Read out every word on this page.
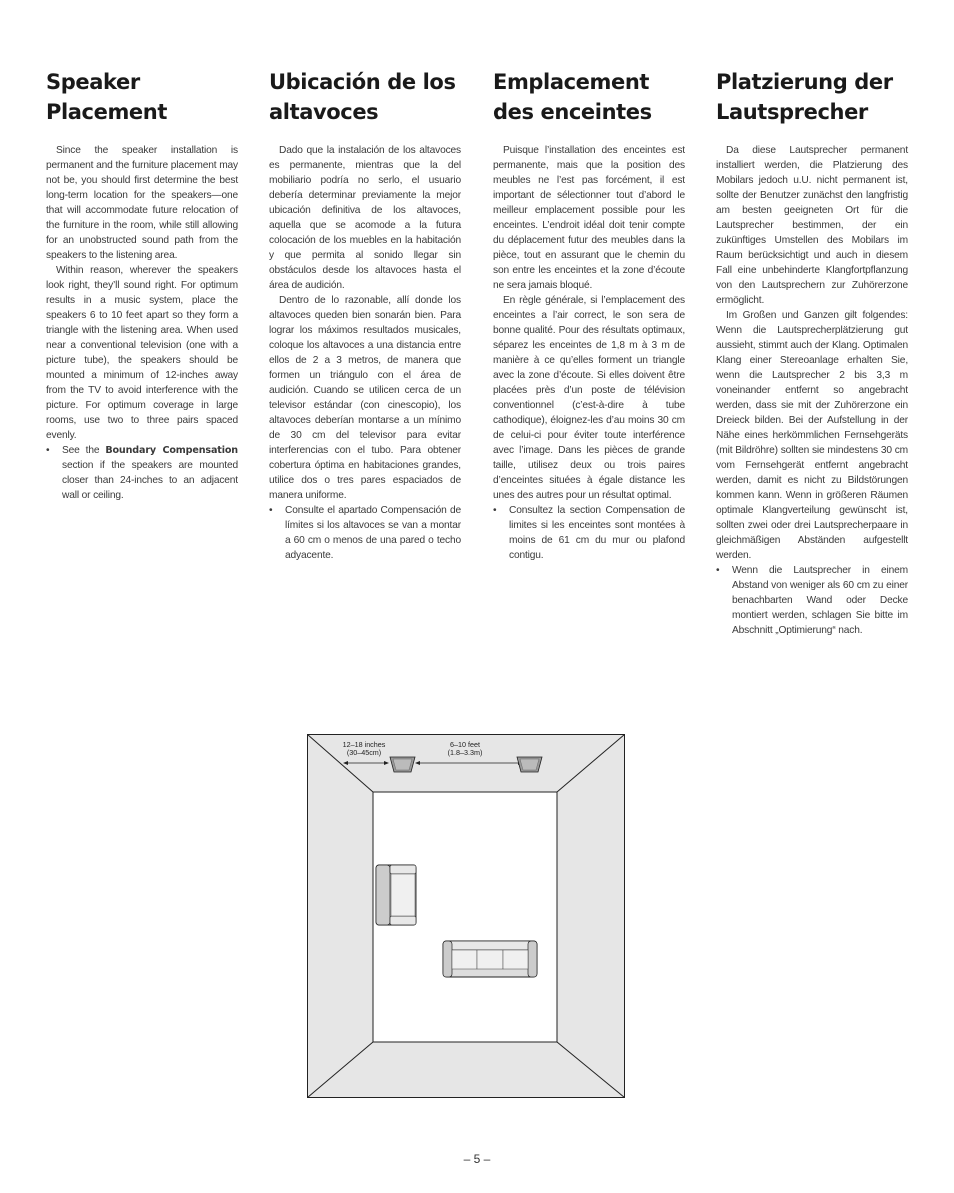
Speaker Placement

Since the speaker installation is permanent and the furniture placement may not be, you should first determine the best long-term location for the speakers—one that will accommodate future relocation of the furniture in the room, while still allowing for an unobstructed sound path from the speakers to the listening area.

Within reason, wherever the speakers look right, they’ll sound right. For optimum results in a music system, place the speakers 6 to 10 feet apart so they form a triangle with the listening area. When used near a conventional television (one with a picture tube), the speakers should be mounted a minimum of 12-inches away from the TV to avoid interference with the picture. For optimum coverage in large rooms, use two to three pairs spaced evenly.

• See the Boundary Compensation section if the speakers are mounted closer than 24-inches to an adjacent wall or ceiling.
Ubicación de los altavoces

Dado que la instalación de los altavoces es permanente, mientras que la del mobiliario podría no serlo, el usuario debería determinar previamente la mejor ubicación definitiva de los altavoces, aquella que se acomode a la futura colocación de los muebles en la habitación y que permita al sonido llegar sin obstáculos desde los altavoces hasta el área de audición.

Dentro de lo razonable, allí donde los altavoces queden bien sonarán bien. Para lograr los máximos resultados musicales, coloque los altavoces a una distancia entre ellos de 2 a 3 metros, de manera que formen un triángulo con el área de audición. Cuando se utilicen cerca de un televisor estándar (con cinescopio), los altavoces deberían montarse a un mínimo de 30 cm del televisor para evitar interferencias con el tubo. Para obtener cobertura óptima en habitaciones grandes, utilice dos o tres pares espaciados de manera uniforme.

• Consulte el apartado Compensación de límites si los altavoces se van a montar a 60 cm o menos de una pared o techo adyacente.
Emplacement des enceintes

Puisque l’installation des enceintes est permanente, mais que la position des meubles ne l’est pas forcément, il est important de sélectionner tout d’abord le meilleur emplacement possible pour les enceintes. L’endroit idéal doit tenir compte du déplacement futur des meubles dans la pièce, tout en assurant que le chemin du son entre les enceintes et la zone d’écoute ne sera jamais bloqué.

En règle générale, si l’emplacement des enceintes a l’air correct, le son sera de bonne qualité. Pour des résultats optimaux, séparez les enceintes de 1,8 m à 3 m de manière à ce qu’elles forment un triangle avec la zone d’écoute. Si elles doivent être placées près d’un poste de télévision conventionnel (c’est-à-dire à tube cathodique), éloignez-les d’au moins 30 cm de celui-ci pour éviter toute interférence avec l’image. Dans les pièces de grande taille, utilisez deux ou trois paires d’enceintes situées à égale distance les unes des autres pour un résultat optimal.

• Consultez la section Compensation de limites si les enceintes sont montées à moins de 61 cm du mur ou plafond contigu.
Platzierung der Lautsprecher

Da diese Lautsprecher permanent installiert werden, die Platzierung des Mobilars jedoch u.U. nicht permanent ist, sollte der Benutzer zunächst den langfristig am besten geeigneten Ort für die Lautsprecher bestimmen, der ein zukünftiges Umstellen des Mobilars im Raum berücksichtigt und auch in diesem Fall eine unbehinderte Klangfortpflanzung von den Lautsprechern zur Zuhörerzone ermöglicht.

Im Großen und Ganzen gilt folgendes: Wenn die Lautsprecherplätzierung gut aussieht, stimmt auch der Klang. Optimalen Klang einer Stereoanlage erhalten Sie, wenn die Lautsprecher 2 bis 3,3 m voneinander entfernt so angebracht werden, dass sie mit der Zuhörerzone ein Dreieck bilden. Bei der Aufstellung in der Nähe eines herkömmlichen Fernsehgeräts (mit Bildröhre) sollten sie mindestens 30 cm vom Fernsehgerät entfernt angebracht werden, damit es nicht zu Bildstörungen kommen kann. Wenn in größeren Räumen optimale Klangverteilung gewünscht ist, sollten zwei oder drei Lautsprecherpaare in gleichmäßigen Abständen aufgestellt werden.

• Wenn die Lautsprecher in einem Abstand von weniger als 60 cm zu einer benachbarten Wand oder Decke montiert werden, schlagen Sie bitte im Abschnitt „Optimierung“ nach.
12–18 inches
(30–45cm)
6–10 feet
(1.8–3.3m)
– 5 –
